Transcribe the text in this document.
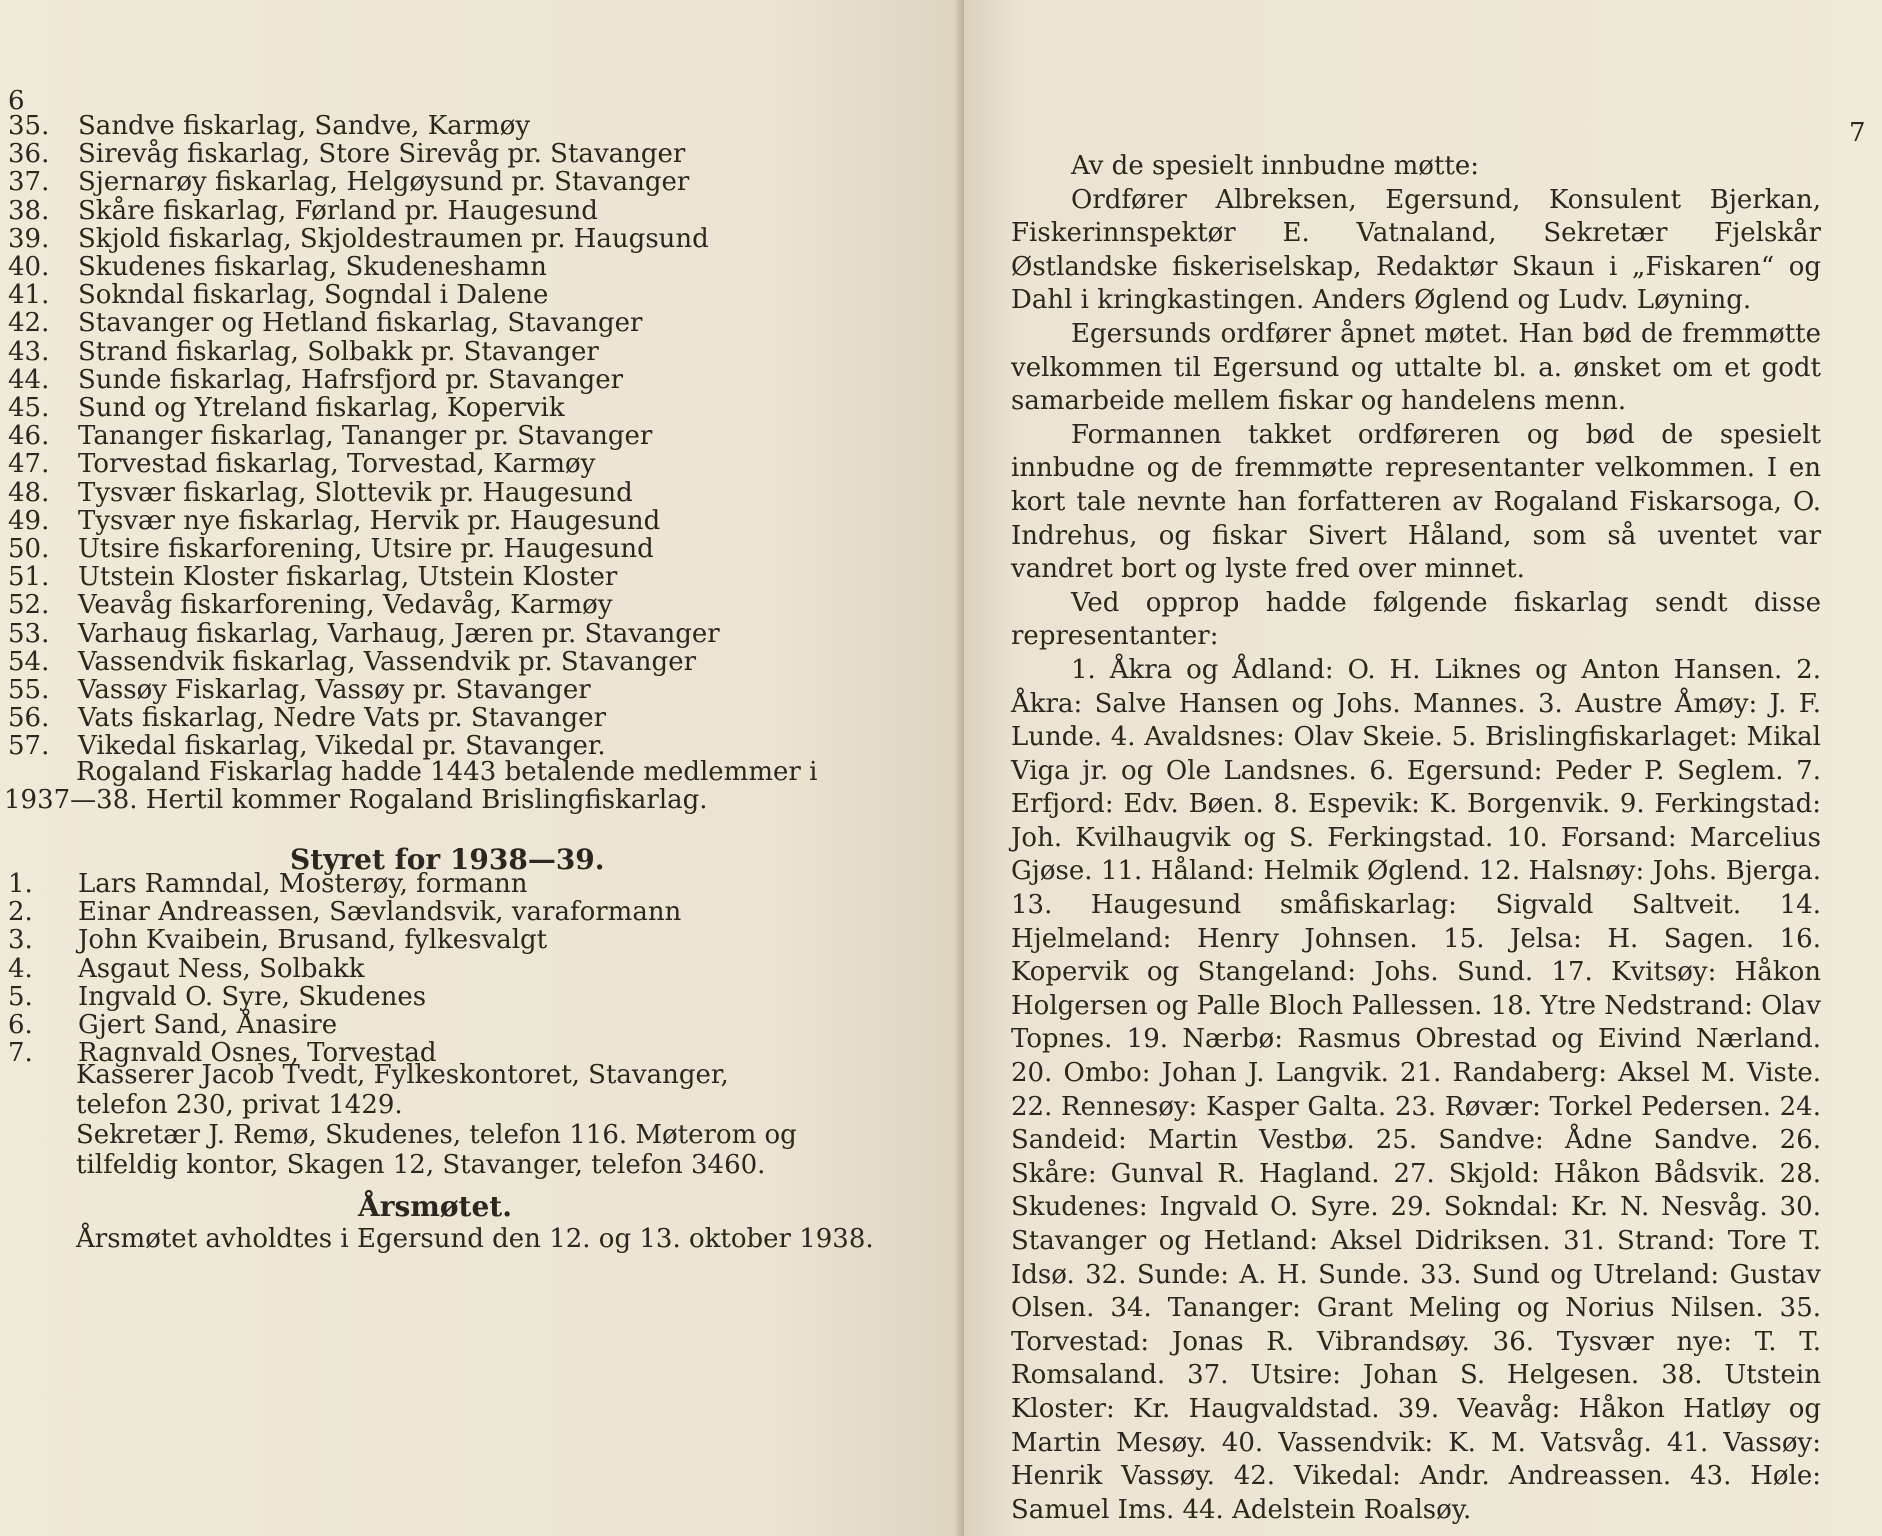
6
35. Sandve fiskarlag, Sandve, Karmøy
36. Sirevåg fiskarlag, Store Sirevåg pr. Stavanger
37. Sjernarøy fiskarlag, Helgøysund pr. Stavanger
38. Skåre fiskarlag, Førland pr. Haugesund
39. Skjold fiskarlag, Skjoldestraumen pr. Haugsund
40. Skudenes fiskarlag, Skudeneshamn
41. Sokndal fiskarlag, Sogndal i Dalene
42. Stavanger og Hetland fiskarlag, Stavanger
43. Strand fiskarlag, Solbakk pr. Stavanger
44. Sunde fiskarlag, Hafrsfjord pr. Stavanger
45. Sund og Ytreland fiskarlag, Kopervik
46. Tananger fiskarlag, Tananger pr. Stavanger
47. Torvestad fiskarlag, Torvestad, Karmøy
48. Tysvær fiskarlag, Slottevik pr. Haugesund
49. Tysvær nye fiskarlag, Hervik pr. Haugesund
50. Utsire fiskarforening, Utsire pr. Haugesund
51. Utstein Kloster fiskarlag, Utstein Kloster
52. Veavåg fiskarforening, Vedavåg, Karmøy
53. Varhaug fiskarlag, Varhaug, Jæren pr. Stavanger
54. Vassendvik fiskarlag, Vassendvik pr. Stavanger
55. Vassøy Fiskarlag, Vassøy pr. Stavanger
56. Vats fiskarlag, Nedre Vats pr. Stavanger
57. Vikedal fiskarlag, Vikedal pr. Stavanger.
Rogaland Fiskarlag hadde 1443 betalende medlemmer i
1937—38. Hertil kommer Rogaland Brislingfiskarlag.
Styret for 1938—39.
1. Lars Ramndal, Mosterøy, formann
2. Einar Andreassen, Sævlandsvik, varaformann
3. John Kvaibein, Brusand, fylkesvalgt
4. Asgaut Ness, Solbakk
5. Ingvald O. Syre, Skudenes
6. Gjert Sand, Ånasire
7. Ragnvald Osnes, Torvestad
Kasserer Jacob Tvedt, Fylkeskontoret, Stavanger,
telefon 230, privat 1429.
Sekretær J. Remø, Skudenes, telefon 116. Møterom og
tilfeldig kontor, Skagen 12, Stavanger, telefon 3460.
Årsmøtet.
Årsmøtet avholdtes i Egersund den 12. og 13. oktober 1938.
7

Av de spesielt innbudne møtte:

Ordfører Albreksen, Egersund, Konsulent Bjerkan, Fiskerinnspektør E. Vatnaland, Sekretær Fjelskår Østlandske fiskeriselskap, Redaktør Skaun i „Fiskaren“ og Dahl i kringkastingen. Anders Øglend og Ludv. Løyning.

Egersunds ordfører åpnet møtet. Han bød de fremmøtte velkommen til Egersund og uttalte bl. a. ønsket om et godt samarbeide mellem fiskar og handelens menn.

Formannen takket ordføreren og bød de spesielt innbudne og de fremmøtte representanter velkommen. I en kort tale nevnte han forfatteren av Rogaland Fiskarsoga, O. Indrehus, og fiskar Sivert Håland, som så uventet var vandret bort og lyste fred over minnet.

Ved opprop hadde følgende fiskarlag sendt disse representanter:

1. Åkra og Ådland: O. H. Liknes og Anton Hansen. 2. Åkra: Salve Hansen og Johs. Mannes. 3. Austre Åmøy: J. F. Lunde. 4. Avaldsnes: Olav Skeie. 5. Brislingfiskarlaget: Mikal Viga jr. og Ole Landsnes. 6. Egersund: Peder P. Seglem. 7. Erfjord: Edv. Bøen. 8. Espevik: K. Borgenvik. 9. Ferkingstad: Joh. Kvilhaugvik og S. Ferkingstad. 10. Forsand: Marcelius Gjøse. 11. Håland: Helmik Øglend. 12. Halsnøy: Johs. Bjerga. 13. Haugesund småfiskarlag: Sigvald Saltveit. 14. Hjelmeland: Henry Johnsen. 15. Jelsa: H. Sagen. 16. Kopervik og Stangeland: Johs. Sund. 17. Kvitsøy: Håkon Holgersen og Palle Bloch Pallessen. 18. Ytre Nedstrand: Olav Topnes. 19. Nærbø: Rasmus Obrestad og Eivind Nærland. 20. Ombo: Johan J. Langvik. 21. Randaberg: Aksel M. Viste. 22. Rennesøy: Kasper Galta. 23. Røvær: Torkel Pedersen. 24. Sandeid: Martin Vestbø. 25. Sandve: Ådne Sandve. 26. Skåre: Gunval R. Hagland. 27. Skjold: Håkon Bådsvik. 28. Skudenes: Ingvald O. Syre. 29. Sokndal: Kr. N. Nesvåg. 30. Stavanger og Hetland: Aksel Didriksen. 31. Strand: Tore T. Idsø. 32. Sunde: A. H. Sunde. 33. Sund og Utreland: Gustav Olsen. 34. Tananger: Grant Meling og Norius Nilsen. 35. Torvestad: Jonas R. Vibrandsøy. 36. Tysvær nye: T. T. Romsaland. 37. Utsire: Johan S. Helgesen. 38. Utstein Kloster: Kr. Haugvaldstad. 39. Veavåg: Håkon Hatløy og Martin Mesøy. 40. Vassendvik: K. M. Vatsvåg. 41. Vassøy: Henrik Vassøy. 42. Vikedal: Andr. Andreassen. 43. Høle: Samuel Ims. 44. Adelstein Roalsøy.
